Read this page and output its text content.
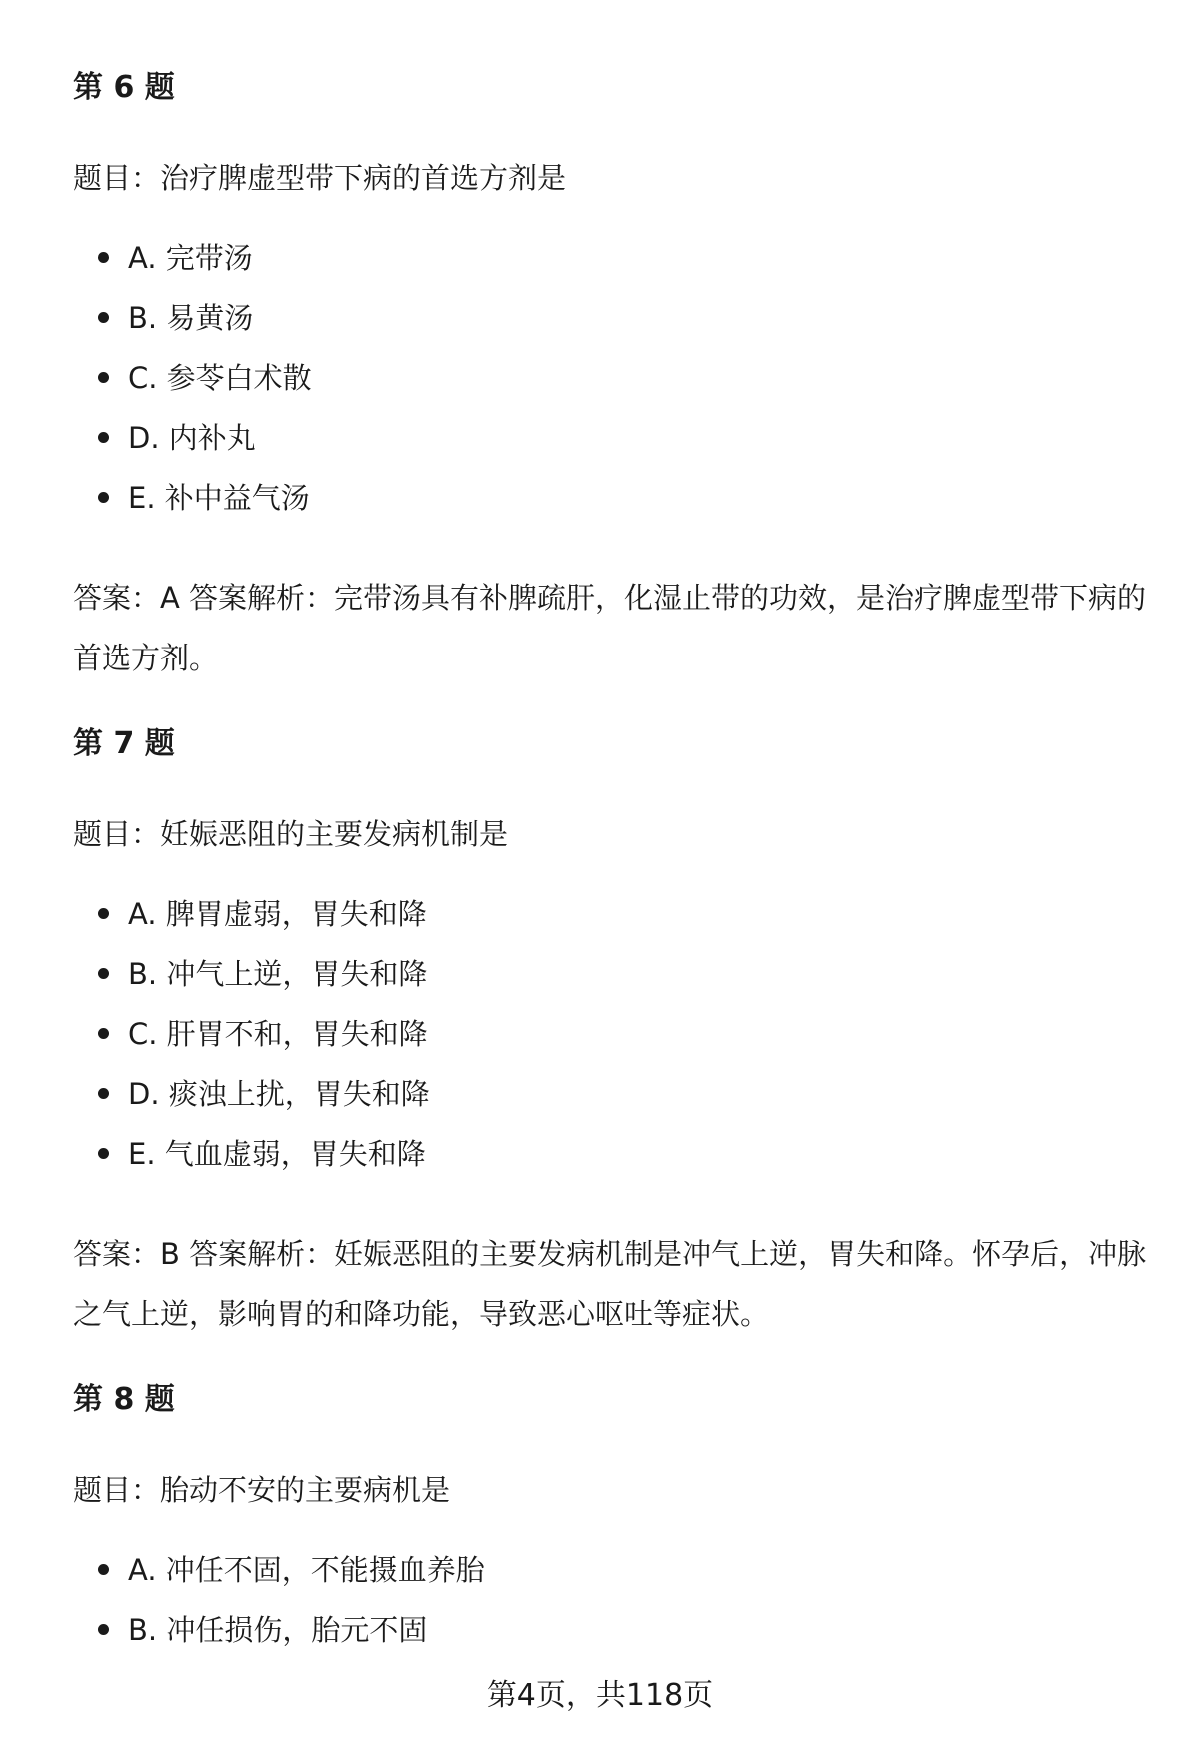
第 6 题

题目：治疗脾虚型带下病的首选方剂是

A. 完带汤
B. 易黄汤
C. 参苓白术散
D. 内补丸
E. 补中益气汤

答案：A 答案解析：完带汤具有补脾疏肝，化湿止带的功效，是治疗脾虚型带下病的首选方剂。

第 7 题

题目：妊娠恶阻的主要发病机制是

A. 脾胃虚弱，胃失和降
B. 冲气上逆，胃失和降
C. 肝胃不和，胃失和降
D. 痰浊上扰，胃失和降
E. 气血虚弱，胃失和降

答案：B 答案解析：妊娠恶阻的主要发病机制是冲气上逆，胃失和降。怀孕后，冲脉之气上逆，影响胃的和降功能，导致恶心呕吐等症状。

第 8 题

题目：胎动不安的主要病机是

A. 冲任不固，不能摄血养胎
B. 冲任损伤，胎元不固
第4页，共118页
